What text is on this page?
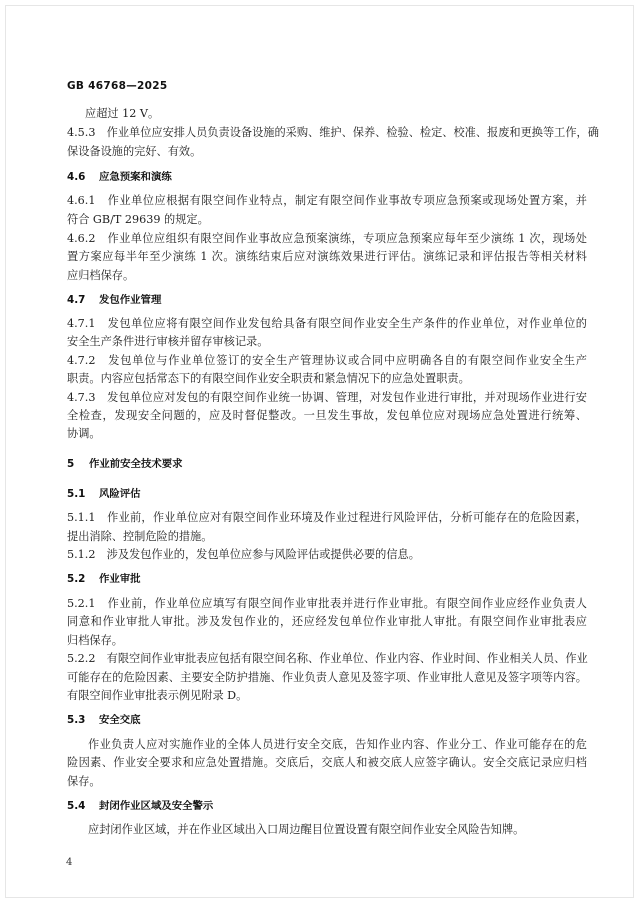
GB 46768—2025
应超过 12 V。
4.5.3　作业单位应安排人员负责设备设施的采购、维护、保养、检验、检定、校准、报废和更换等工作，确
保设备设施的完好、有效。
4.6 应急预案和演练
4.6.1　作业单位应根据有限空间作业特点，制定有限空间作业事故专项应急预案或现场处置方案，并
符合 GB/T 29639 的规定。
4.6.2　作业单位应组织有限空间作业事故应急预案演练，专项应急预案应每年至少演练 1 次，现场处
置方案应每半年至少演练 1 次。演练结束后应对演练效果进行评估。演练记录和评估报告等相关材料
应归档保存。
4.7 发包作业管理
4.7.1　发包单位应将有限空间作业发包给具备有限空间作业安全生产条件的作业单位，对作业单位的
安全生产条件进行审核并留存审核记录。
4.7.2　发包单位与作业单位签订的安全生产管理协议或合同中应明确各自的有限空间作业安全生产
职责。内容应包括常态下的有限空间作业安全职责和紧急情况下的应急处置职责。
4.7.3　发包单位应对发包的有限空间作业统一协调、管理，对发包作业进行审批，并对现场作业进行安
全检查，发现安全问题的，应及时督促整改。一旦发生事故，发包单位应对现场应急处置进行统筹、
协调。
5 作业前安全技术要求
5.1 风险评估
5.1.1　作业前，作业单位应对有限空间作业环境及作业过程进行风险评估，分析可能存在的危险因素，
提出消除、控制危险的措施。
5.1.2　涉及发包作业的，发包单位应参与风险评估或提供必要的信息。
5.2 作业审批
5.2.1　作业前，作业单位应填写有限空间作业审批表并进行作业审批。有限空间作业应经作业负责人
同意和作业审批人审批。涉及发包作业的，还应经发包单位作业审批人审批。有限空间作业审批表应
归档保存。
5.2.2　有限空间作业审批表应包括有限空间名称、作业单位、作业内容、作业时间、作业相关人员、作业
可能存在的危险因素、主要安全防护措施、作业负责人意见及签字项、作业审批人意见及签字项等内容。
有限空间作业审批表示例见附录 D。
5.3 安全交底
作业负责人应对实施作业的全体人员进行安全交底，告知作业内容、作业分工、作业可能存在的危
险因素、作业安全要求和应急处置措施。交底后，交底人和被交底人应签字确认。安全交底记录应归档
保存。
5.4 封闭作业区域及安全警示
应封闭作业区域，并在作业区域出入口周边醒目位置设置有限空间作业安全风险告知牌。
4
